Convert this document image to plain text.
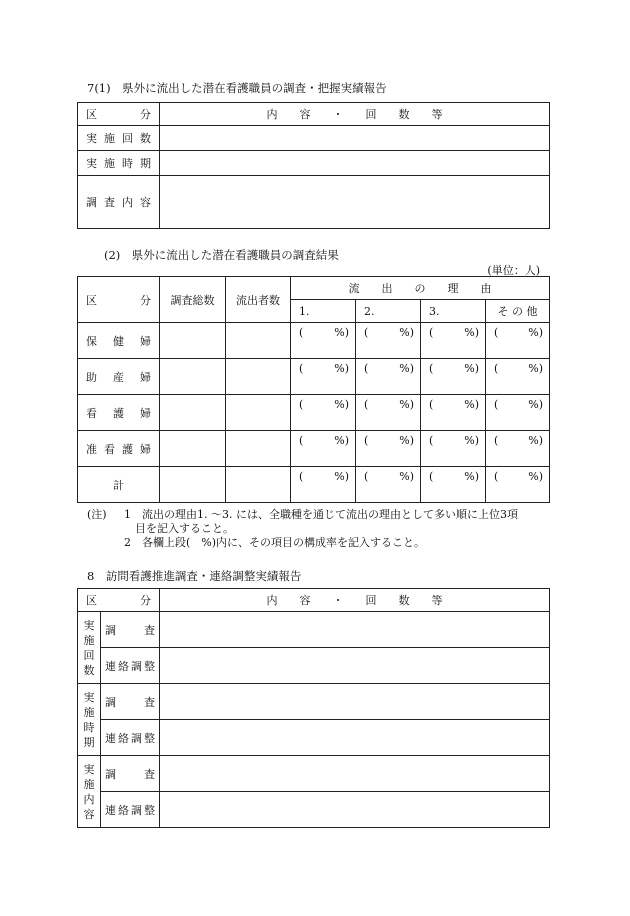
7(1)　県外に流出した潜在看護職員の調査・把握実績報告
区　　分	内　　容　　・　　回　　数　　等

実施回数	

実施時期	

調査内容	

(2)　県外に流出した潜在看護職員の調査結果
(単位：人)
区　　分	調査総数	流出者数	流　　出　　の　　理　　由			
			1.	2.	3.	そ の 他

保　健　婦			( %)	( %)	( %)	( %)

助　産　婦			( %)	( %)	( %)	( %)

看　護　婦			( %)	( %)	( %)	( %)

准看護婦			( %)	( %)	( %)	( %)

計			( %)	( %)	( %)	( %)
(注) 1 流出の理由1. ～3. には、全職種を通じて流出の理由として多い順に上位3項
目を記入すること。
2 各欄上段(　%)内に、その項目の構成率を記入すること。
8　訪問看護推進調査・連絡調整実績報告
区　　分		内　　容　　・　　回　　数　　等

実施回数	調　　査	

	連絡調整	

実施時期	調　　査	

	連絡調整	

実施内容	調　　査	

	連絡調整	
